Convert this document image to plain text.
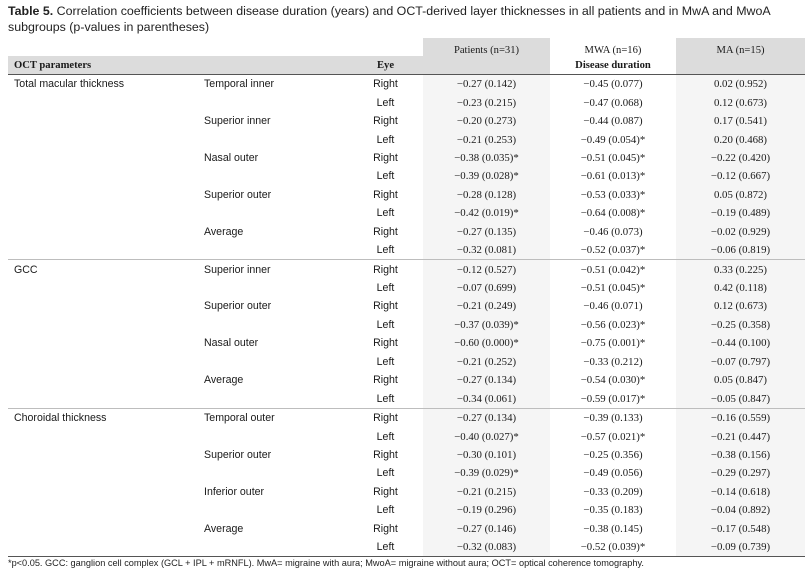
Table 5. Correlation coefficients between disease duration (years) and OCT-derived layer thicknesses in all patients and in MwA and MwoA subgroups (p-values in parentheses)
			Patients (n=31)	MWA (n=16)	MA (n=15)
OCT parameters		Eye		Disease duration	
Total macular thickness	Temporal inner	Right	−0.27 (0.142)	−0.45 (0.077)	0.02 (0.952)
		Left	−0.23 (0.215)	−0.47 (0.068)	0.12 (0.673)
	Superior inner	Right	−0.20 (0.273)	−0.44 (0.087)	0.17 (0.541)
		Left	−0.21 (0.253)	−0.49 (0.054)*	0.20 (0.468)
	Nasal outer	Right	−0.38 (0.035)*	−0.51 (0.045)*	−0.22 (0.420)
		Left	−0.39 (0.028)*	−0.61 (0.013)*	−0.12 (0.667)
	Superior outer	Right	−0.28 (0.128)	−0.53 (0.033)*	0.05 (0.872)
		Left	−0.42 (0.019)*	−0.64 (0.008)*	−0.19 (0.489)
	Average	Right	−0.27 (0.135)	−0.46 (0.073)	−0.02 (0.929)
		Left	−0.32 (0.081)	−0.52 (0.037)*	−0.06 (0.819)
GCC	Superior inner	Right	−0.12 (0.527)	−0.51 (0.042)*	0.33 (0.225)
		Left	−0.07 (0.699)	−0.51 (0.045)*	0.42 (0.118)
	Superior outer	Right	−0.21 (0.249)	−0.46 (0.071)	0.12 (0.673)
		Left	−0.37 (0.039)*	−0.56 (0.023)*	−0.25 (0.358)
	Nasal outer	Right	−0.60 (0.000)*	−0.75 (0.001)*	−0.44 (0.100)
		Left	−0.21 (0.252)	−0.33 (0.212)	−0.07 (0.797)
	Average	Right	−0.27 (0.134)	−0.54 (0.030)*	0.05 (0.847)
		Left	−0.34 (0.061)	−0.59 (0.017)*	−0.05 (0.847)
Choroidal thickness	Temporal outer	Right	−0.27 (0.134)	−0.39 (0.133)	−0.16 (0.559)
		Left	−0.40 (0.027)*	−0.57 (0.021)*	−0.21 (0.447)
	Superior outer	Right	−0.30 (0.101)	−0.25 (0.356)	−0.38 (0.156)
		Left	−0.39 (0.029)*	−0.49 (0.056)	−0.29 (0.297)
	Inferior outer	Right	−0.21 (0.215)	−0.33 (0.209)	−0.14 (0.618)
		Left	−0.19 (0.296)	−0.35 (0.183)	−0.04 (0.892)
	Average	Right	−0.27 (0.146)	−0.38 (0.145)	−0.17 (0.548)
		Left	−0.32 (0.083)	−0.52 (0.039)*	−0.09 (0.739)
*p<0.05. GCC: ganglion cell complex (GCL + IPL + mRNFL). MwA= migraine with aura; MwoA= migraine without aura; OCT= optical coherence tomography.
